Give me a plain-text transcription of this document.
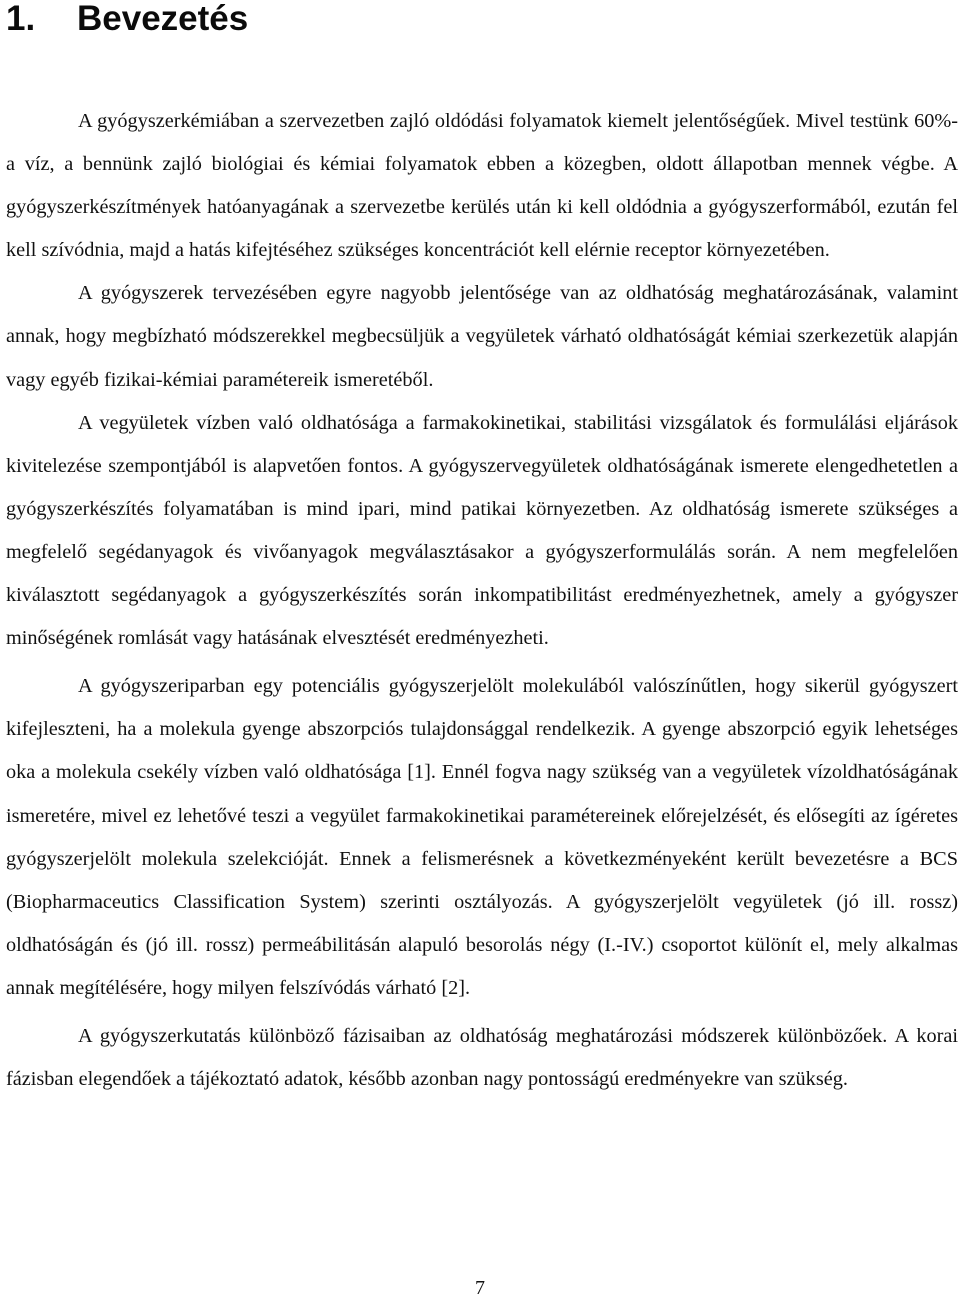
1. Bevezetés

A gyógyszerkémiában a szervezetben zajló oldódási folyamatok kiemelt jelentőségűek. Mivel testünk 60%-a víz, a bennünk zajló biológiai és kémiai folyamatok ebben a közegben, oldott állapotban mennek végbe. A gyógyszerkészítmények hatóanyagának a szervezetbe kerülés után ki kell oldódnia a gyógyszerformából, ezután fel kell szívódnia, majd a hatás kifejtéséhez szükséges koncentrációt kell elérnie receptor környezetében.

A gyógyszerek tervezésében egyre nagyobb jelentősége van az oldhatóság meghatározásának, valamint annak, hogy megbízható módszerekkel megbecsüljük a vegyületek várható oldhatóságát kémiai szerkezetük alapján vagy egyéb fizikai-kémiai paramétereik ismeretéből.

A vegyületek vízben való oldhatósága a farmakokinetikai, stabilitási vizsgálatok és formulálási eljárások kivitelezése szempontjából is alapvetően fontos. A gyógyszervegyületek oldhatóságának ismerete elengedhetetlen a gyógyszerkészítés folyamatában is mind ipari, mind patikai környezetben. Az oldhatóság ismerete szükséges a megfelelő segédanyagok és vivőanyagok megválasztásakor a gyógyszerformulálás során. A nem megfelelően kiválasztott segédanyagok a gyógyszerkészítés során inkompatibilitást eredményezhetnek, amely a gyógyszer minőségének romlását vagy hatásának elvesztését eredményezheti.

A gyógyszeriparban egy potenciális gyógyszerjelölt molekulából valószínűtlen, hogy sikerül gyógyszert kifejleszteni, ha a molekula gyenge abszorpciós tulajdonsággal rendelkezik. A gyenge abszorpció egyik lehetséges oka a molekula csekély vízben való oldhatósága [1]. Ennél fogva nagy szükség van a vegyületek vízoldhatóságának ismeretére, mivel ez lehetővé teszi a vegyület farmakokinetikai paramétereinek előrejelzését, és elősegíti az ígéretes gyógyszerjelölt molekula szelekcióját. Ennek a felismerésnek a következményeként került bevezetésre a BCS (Biopharmaceutics Classification System) szerinti osztályozás. A gyógyszerjelölt vegyületek (jó ill. rossz) oldhatóságán és (jó ill. rossz) permeábilitásán alapuló besorolás négy (I.-IV.) csoportot különít el, mely alkalmas annak megítélésére, hogy milyen felszívódás várható [2].

A gyógyszerkutatás különböző fázisaiban az oldhatóság meghatározási módszerek különbözőek. A korai fázisban elegendőek a tájékoztató adatok, később azonban nagy pontosságú eredményekre van szükség.

7
